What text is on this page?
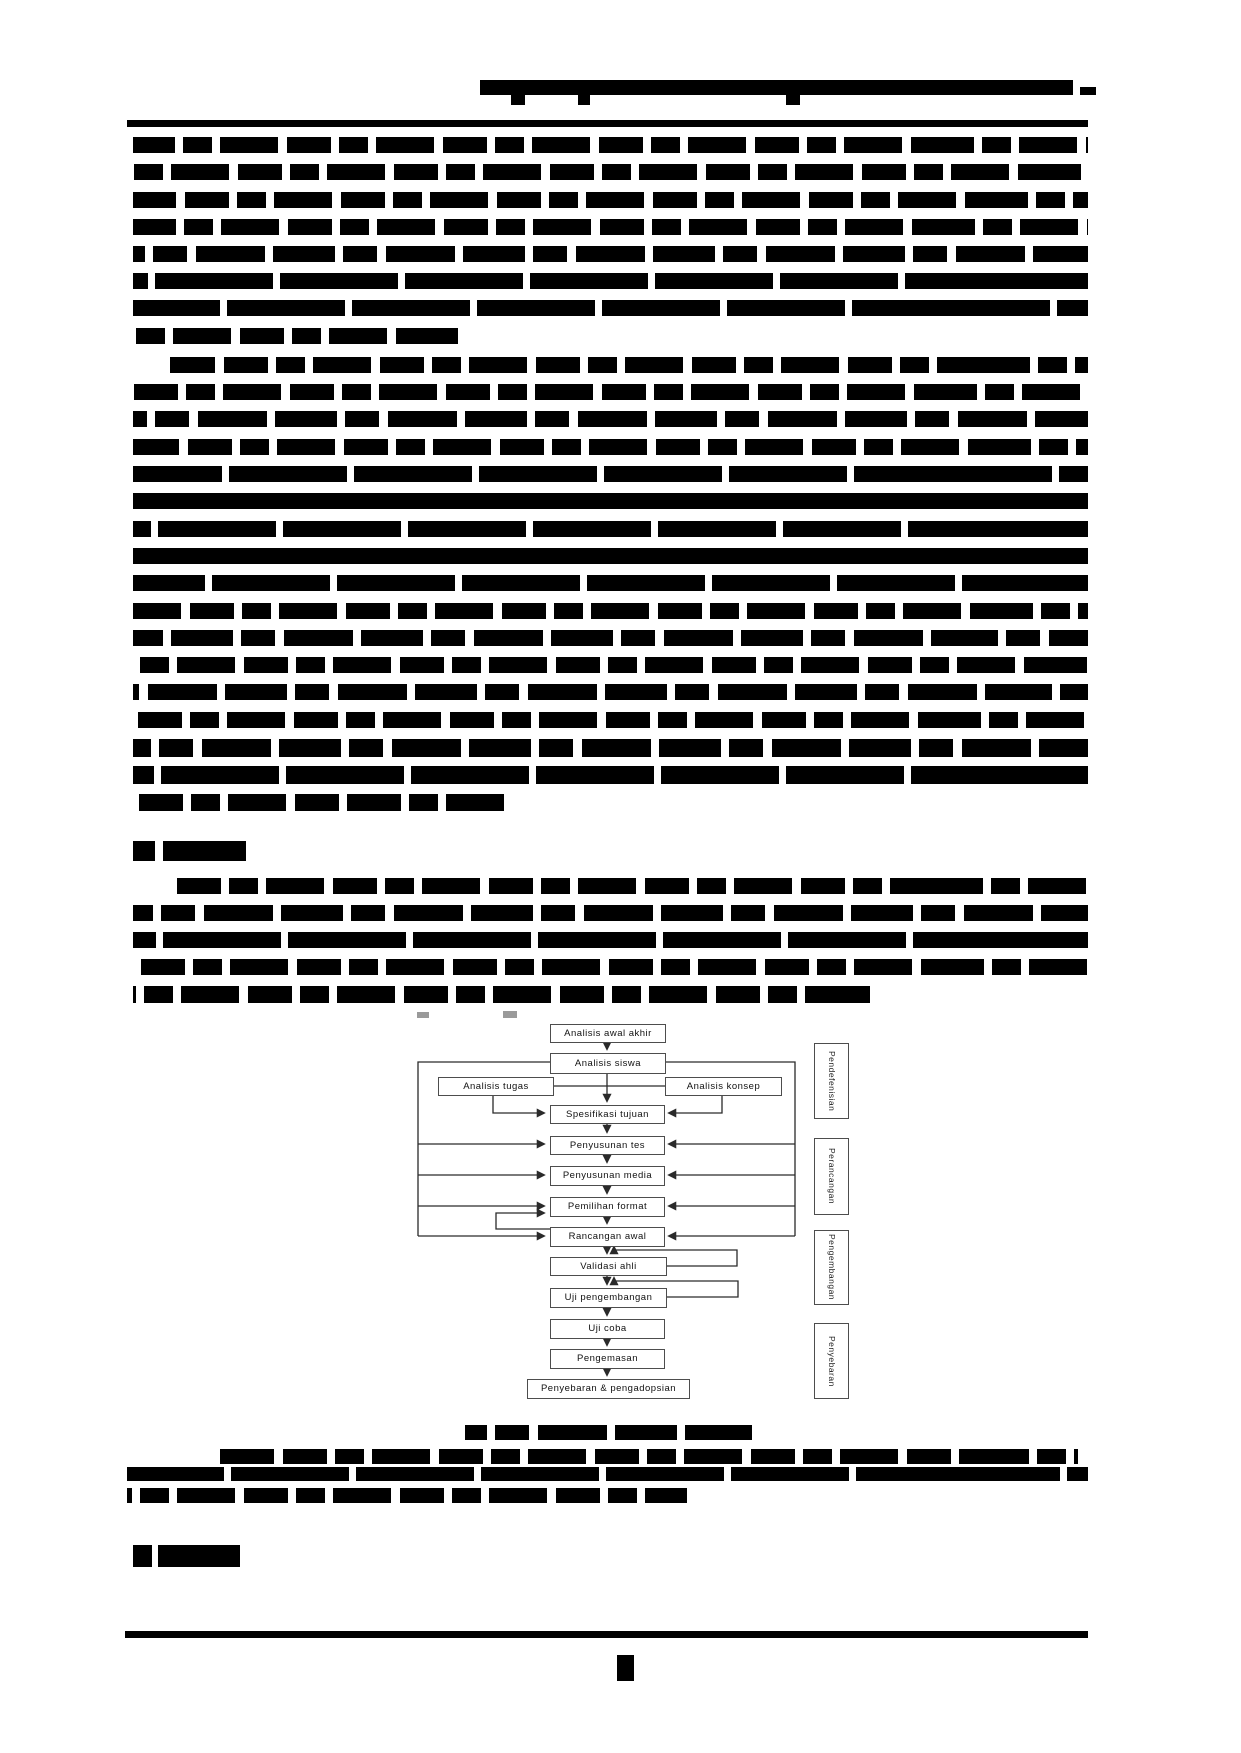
Analisis awal akhir
Analisis siswa
Analisis tugas	Analisis konsep
Spesifikasi tujuan
Penyusunan tes
Penyusunan media
Pemilihan format
Rancangan awal
Validasi ahli
Uji pengembangan
Uji coba
Pengemasan
Penyebaran & pengadopsian
Pendefenisian
Perancangan
Pengembangan
Penyebaran
